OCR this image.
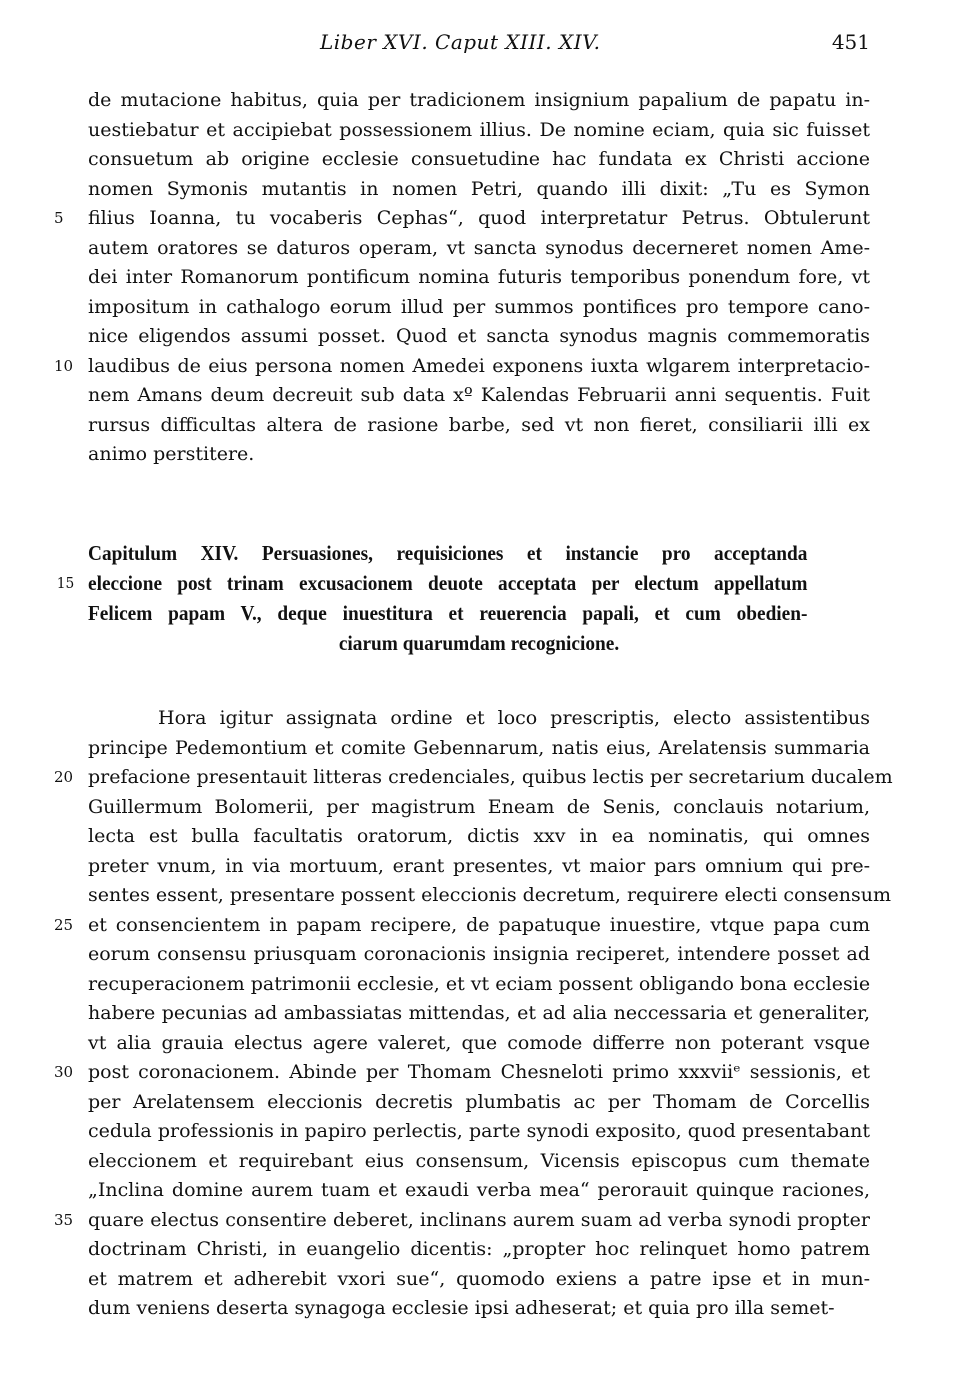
Liber XVI. Caput XIII. XIV.	451
de mutacione habitus, quia per tradicionem insignium papalium de papatu in-
uestiebatur et accipiebat possessionem illius. De nomine eciam, quia sic fuisset
consuetum ab origine ecclesie consuetudine hac fundata ex Christi accione
nomen Symonis mutantis in nomen Petri, quando illi dixit: „Tu es Symon
5	filius Ioanna, tu vocaberis Cephas“, quod interpretatur Petrus. Obtulerunt
autem oratores se daturos operam, vt sancta synodus decerneret nomen Ame-
dei inter Romanorum pontificum nomina futuris temporibus ponendum fore, vt
impositum in cathalogo eorum illud per summos pontifices pro tempore cano-
nice eligendos assumi posset. Quod et sancta synodus magnis commemoratis
10 laudibus de eius persona nomen Amedei exponens iuxta wlgarem interpretacio-
nem Amans deum decreuit sub data xº Kalendas Februarii anni sequentis. Fuit
rursus difficultas altera de rasione barbe, sed vt non fieret, consiliarii illi ex
animo perstitere.
Capitulum XIV. Persuasiones, requisiciones et instancie pro acceptanda
15 eleccione post trinam excusacionem deuote acceptata per electum appellatum
Felicem papam V., deque inuestitura et reuerencia papali, et cum obedien-
ciarum quarumdam recognicione.
Hora igitur assignata ordine et loco prescriptis, electo assistentibus
principe Pedemontium et comite Gebennarum, natis eius, Arelatensis summaria
20 prefacione presentauit litteras credenciales, quibus lectis per secretarium ducalem
Guillermum Bolomerii, per magistrum Eneam de Senis, conclauis notarium,
lecta est bulla facultatis oratorum, dictis xxv in ea nominatis, qui omnes
preter vnum, in via mortuum, erant presentes, vt maior pars omnium qui pre-
sentes essent, presentare possent eleccionis decretum, requirere electi consensum
25 et consencientem in papam recipere, de papatuque inuestire, vtque papa cum
eorum consensu priusquam coronacionis insignia reciperet, intendere posset ad
recuperacionem patrimonii ecclesie, et vt eciam possent obligando bona ecclesie
habere pecunias ad ambassiatas mittendas, et ad alia neccessaria et generaliter,
vt alia grauia electus agere valeret, que comode differre non poterant vsque
30 post coronacionem. Abinde per Thomam Chesneloti primo xxxviiᵉ sessionis, et
per Arelatensem eleccionis decretis plumbatis ac per Thomam de Corcellis
cedula professionis in papiro perlectis, parte synodi exposito, quod presentabant
eleccionem et requirebant eius consensum, Vicensis episcopus cum themate
„Inclina domine aurem tuam et exaudi verba mea“ perorauit quinque raciones,
35 quare electus consentire deberet, inclinans aurem suam ad verba synodi propter
doctrinam Christi, in euangelio dicentis: „propter hoc relinquet homo patrem
et matrem et adherebit vxori sue“, quomodo exiens a patre ipse et in mun-
dum veniens deserta synagoga ecclesie ipsi adheserat; et quia pro illa semet-
